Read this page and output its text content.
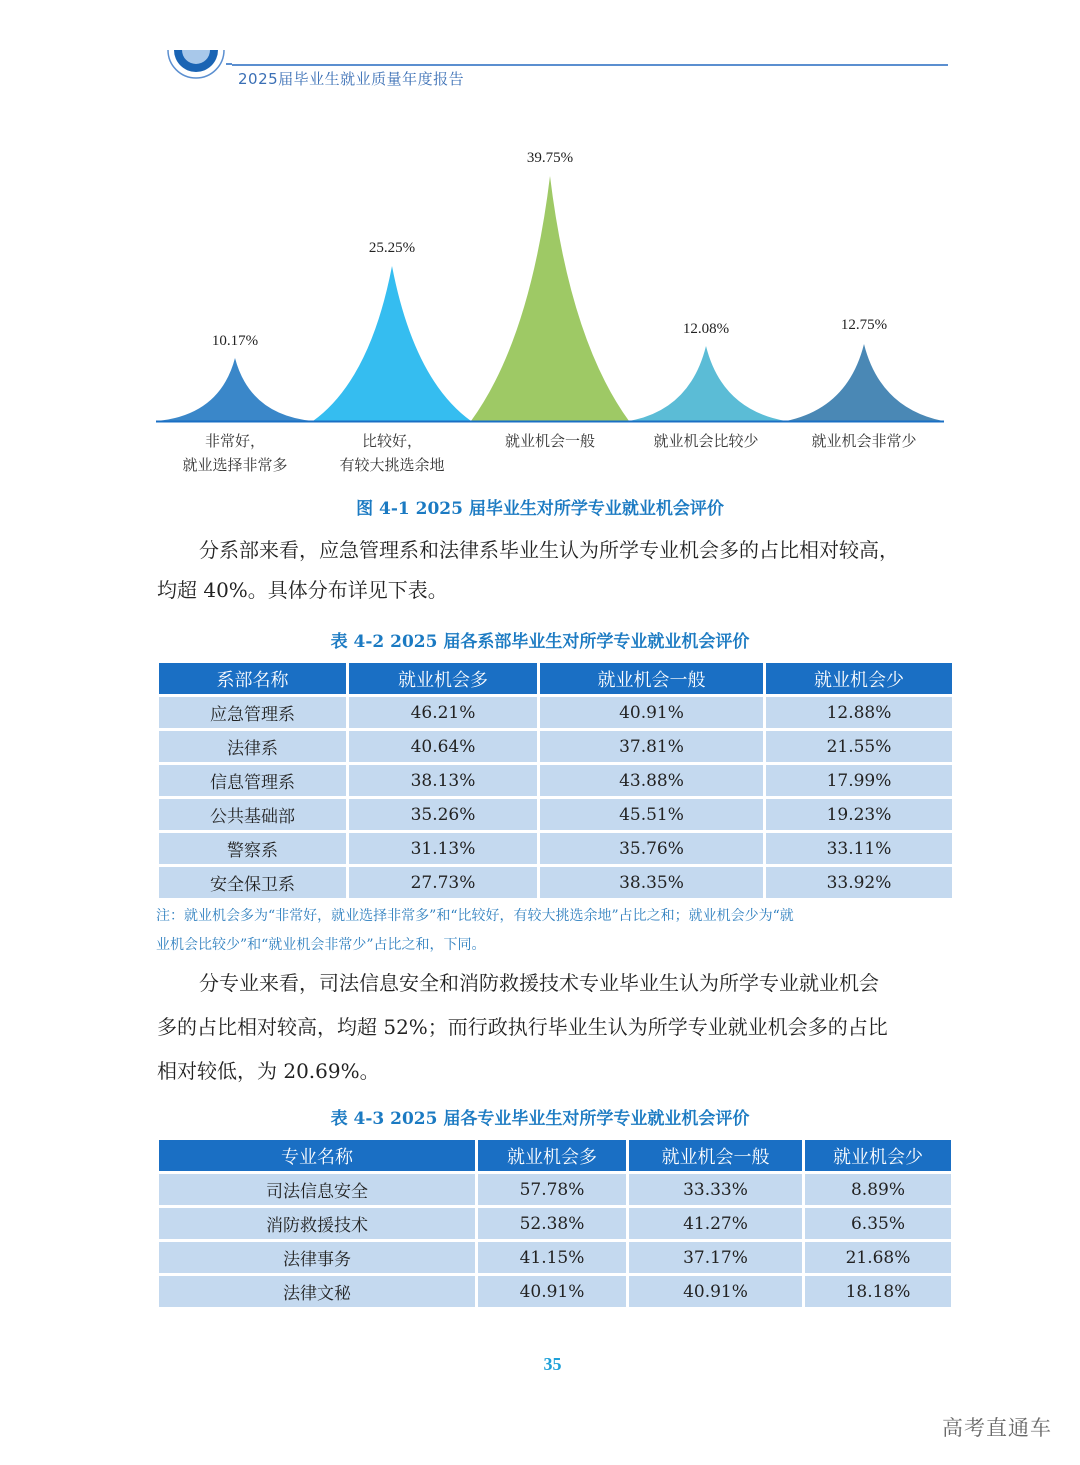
2025届毕业生就业质量年度报告
10.17%
25.25%
39.75%
12.08%	12.75%
非常好，
就业选择非常多
比较好，
有较大挑选余地
就业机会一般	就业机会比较少	就业机会非常少
图 4-1 2025 届毕业生对所学专业就业机会评价
分系部来看，应急管理系和法律系毕业生认为所学专业机会多的占比相对较高，
均超 40%。具体分布详见下表。
表 4-2 2025 届各系部毕业生对所学专业就业机会评价
系部名称	就业机会多	就业机会一般	就业机会少
应急管理系	46.21%	40.91%	12.88%
法律系	40.64%	37.81%	21.55%
信息管理系	38.13%	43.88%	17.99%
公共基础部	35.26%	45.51%	19.23%
警察系	31.13%	35.76%	33.11%
安全保卫系	27.73%	38.35%	33.92%
注：就业机会多为“非常好，就业选择非常多”和“比较好，有较大挑选余地”占比之和；就业机会少为“就
业机会比较少”和“就业机会非常少”占比之和，下同。
分专业来看，司法信息安全和消防救援技术专业毕业生认为所学专业就业机会
多的占比相对较高，均超 52%；而行政执行毕业生认为所学专业就业机会多的占比
相对较低，为 20.69%。
表 4-3 2025 届各专业毕业生对所学专业就业机会评价
专业名称	就业机会多	就业机会一般	就业机会少
司法信息安全	57.78%	33.33%	8.89%
消防救援技术	52.38%	41.27%	6.35%
法律事务	41.15%	37.17%	21.68%
法律文秘	40.91%	40.91%	18.18%
35
高考直通车
